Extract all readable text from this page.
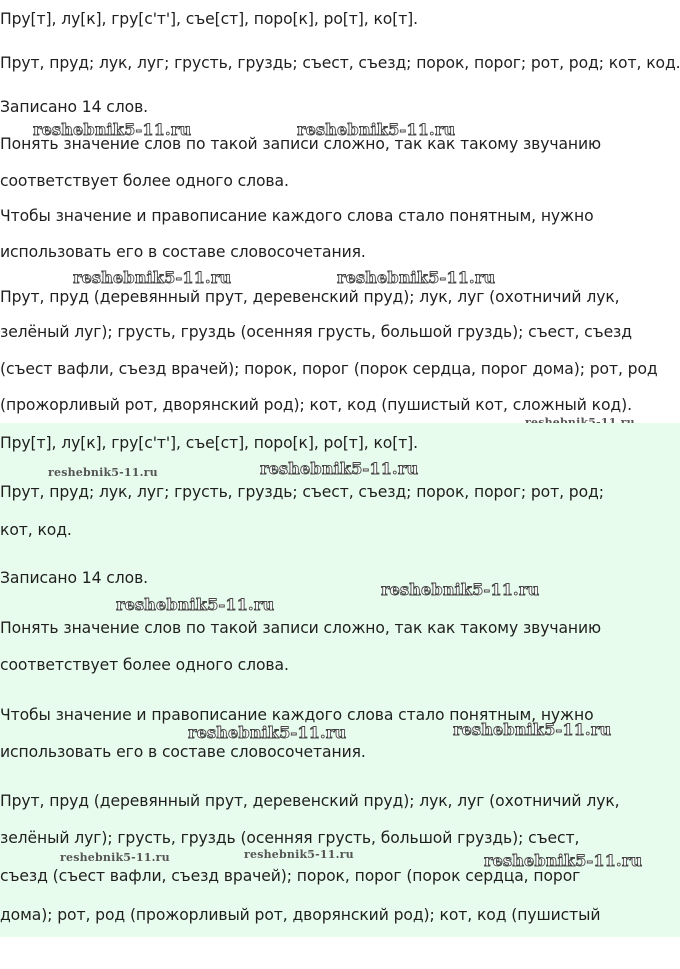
Пру[т], лу[к], гру[с'т'], съе[ст], поро[к], ро[т], ко[т].

Прут, пруд; лук, луг; грусть, груздь; съест, съезд; порок, порог; рот, род; кот, код.

Записано 14 слов.

Понять значение слов по такой записи сложно, так как такому звучанию

соответствует более одного слова.

Чтобы значение и правописание каждого слова стало понятным, нужно

использовать его в составе словосочетания.

Прут, пруд (деревянный прут, деревенский пруд); лук, луг (охотничий лук,

зелёный луг); грусть, груздь (осенняя грусть, большой груздь); съест, съезд

(съест вафли, съезд врачей); порок, порог (порок сердца, порог дома); рот, род

(прожорливый рот, дворянский род); кот, код (пушистый кот, сложный код).

reshebnik5-11.ru	reshebnik5-11.ru
reshebnik5-11.ru	reshebnik5-11.ru

Пру[т], лу[к], гру[с'т'], съе[ст], поро[к], ро[т], ко[т].

Прут, пруд; лук, луг; грусть, груздь; съест, съезд; порок, порог; рот, род;

кот, код.

Записано 14 слов.

Понять значение слов по такой записи сложно, так как такому звучанию

соответствует более одного слова.

Чтобы значение и правописание каждого слова стало понятным, нужно

использовать его в составе словосочетания.

Прут, пруд (деревянный прут, деревенский пруд); лук, луг (охотничий лук,

зелёный луг); грусть, груздь (осенняя грусть, большой груздь); съест,

съезд (съест вафли, съезд врачей); порок, порог (порок сердца, порог

дома); рот, род (прожорливый рот, дворянский род); кот, код (пушистый

reshebnik5-11.ru	reshebnik5-11.ru
reshebnik5-11.ru
reshebnik5-11.ru
reshebnik5-11.ru	reshebnik5-11.ru
reshebnik5-11.ru	reshebnik5-11.ru	reshebnik5-11.ru
